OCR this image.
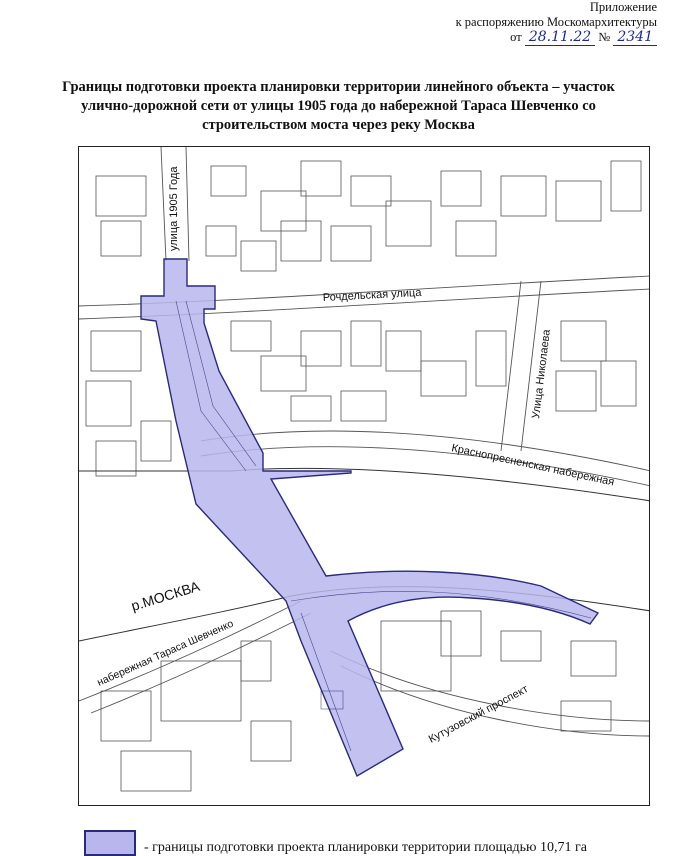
Приложение
к распоряжению Москомархитектуры
от 28.11.22 № 2341
Границы подготовки проекта планировки территории линейного объекта – участок
улично-дорожной сети от улицы 1905 года до набережной Тараса Шевченко со
строительством моста через реку Москва
улица 1905 Года
Рочдельская улица
Улица Николаева
Краснопресненская набережная
р.МОСКВА
набережная Тараса Шевченко
Кутузовский проспект
- границы подготовки проекта планировки территории площадью 10,71 га
